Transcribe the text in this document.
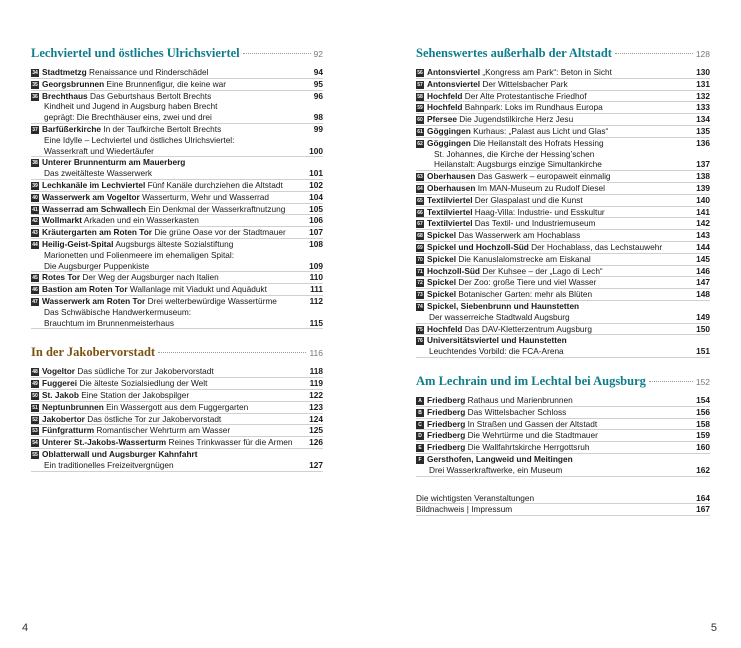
Lechviertel und östliches Ulrichsviertel	92
34 Stadtmetzg Renaissance und Rinderschädel	94
35 Georgsbrunnen Eine Brunnenfigur, die keine war	95
36 Brechthaus Das Geburtshaus Bertolt Brechts	96
Kindheit und Jugend in Augsburg haben Brecht
geprägt: Die Brechthäuser eins, zwei und drei	98
37 Barfüßerkirche In der Taufkirche Bertolt Brechts	99
Eine Idylle – Lechviertel und östliches Ulrichsviertel:
Wasserkraft und Wiedertäufer	100
38 Unterer Brunnenturm am Mauerberg
Das zweitälteste Wasserwerk	101
39 Lechkanäle im Lechviertel Fünf Kanäle durchziehen die Altstadt	102
40 Wasserwerk am Vogeltor Wasserturm, Wehr und Wasserrad	104
41 Wasserrad am Schwallech Ein Denkmal der Wasserkraftnutzung	105
42 Wollmarkt Arkaden und ein Wasserkasten	106
43 Kräutergarten am Roten Tor Die grüne Oase vor der Stadtmauer	107
44 Heilig-Geist-Spital Augsburgs älteste Sozialstiftung	108
Marionetten und Folienmeere im ehemaligen Spital:
Die Augsburger Puppenkiste	109
45 Rotes Tor Der Weg der Augsburger nach Italien	110
46 Bastion am Roten Tor Wallanlage mit Viadukt und Aquädukt	111
47 Wasserwerk am Roten Tor Drei welterbewürdige Wassertürme	112
Das Schwäbische Handwerkermuseum:
Brauchtum im Brunnenmeisterhaus	115
In der Jakobervorstadt	116
48 Vogeltor Das südliche Tor zur Jakobervorstadt	118
49 Fuggerei Die älteste Sozialsiedlung der Welt	119
50 St. Jakob Eine Station der Jakobspilger	122
51 Neptunbrunnen Ein Wassergott aus dem Fuggergarten	123
52 Jakobertor Das östliche Tor zur Jakobervorstadt	124
53 Fünfgratturm Romantischer Wehrturm am Wasser	125
54 Unterer St.-Jakobs-Wasserturm Reines Trinkwasser für die Armen 126
55 Oblatterwall und Augsburger Kahnfahrt
Ein traditionelles Freizeitvergnügen	127
Sehenswertes außerhalb der Altstadt	128
56 Antonsviertel „Kongress am Park“: Beton in Sicht	130
57 Antonsviertel Der Wittelsbacher Park	131
58 Hochfeld Der Alte Protestantische Friedhof	132
59 Hochfeld Bahnpark: Loks im Rundhaus Europa	133
60 Pfersee Die Jugendstilkirche Herz Jesu	134
61 Göggingen Kurhaus: „Palast aus Licht und Glas“	135
62 Göggingen Die Heilanstalt des Hofrats Hessing	136
St. Johannes, die Kirche der Hessing’schen
Heilanstalt: Augsburgs einzige Simultankirche	137
63 Oberhausen Das Gaswerk – europaweit einmalig	138
64 Oberhausen Im MAN-Museum zu Rudolf Diesel	139
65 Textilviertel Der Glaspalast und die Kunst	140
66 Textilviertel Haag-Villa: Industrie- und Esskultur	141
67 Textilviertel Das Textil- und Industriemuseum	142
68 Spickel Das Wasserwerk am Hochablass	143
69 Spickel und Hochzoll-Süd Der Hochablass, das Lechstauwehr	144
70 Spickel Die Kanuslalomstrecke am Eiskanal	145
71 Hochzoll-Süd Der Kuhsee – der „Lago di Lech“	146
72 Spickel Der Zoo: große Tiere und viel Wasser	147
73 Spickel Botanischer Garten: mehr als Blüten	148
74 Spickel, Siebenbrunn und Haunstetten
Der wasserreiche Stadtwald Augsburg	149
75 Hochfeld Das DAV-Kletterzentrum Augsburg	150
76 Universitätsviertel und Haunstetten
Leuchtendes Vorbild: die FCA-Arena	151
Am Lechrain und im Lechtal bei Augsburg	152
A Friedberg Rathaus und Marienbrunnen	154
B Friedberg Das Wittelsbacher Schloss	156
C Friedberg In Straßen und Gassen der Altstadt	158
D Friedberg Die Wehrtürme und die Stadtmauer	159
E Friedberg Die Wallfahrtskirche Herrgottsruh	160
F Gersthofen, Langweid und Meitingen
Drei Wasserkraftwerke, ein Museum	162
Die wichtigsten Veranstaltungen	164
Bildnachweis | Impressum	167
4	5
